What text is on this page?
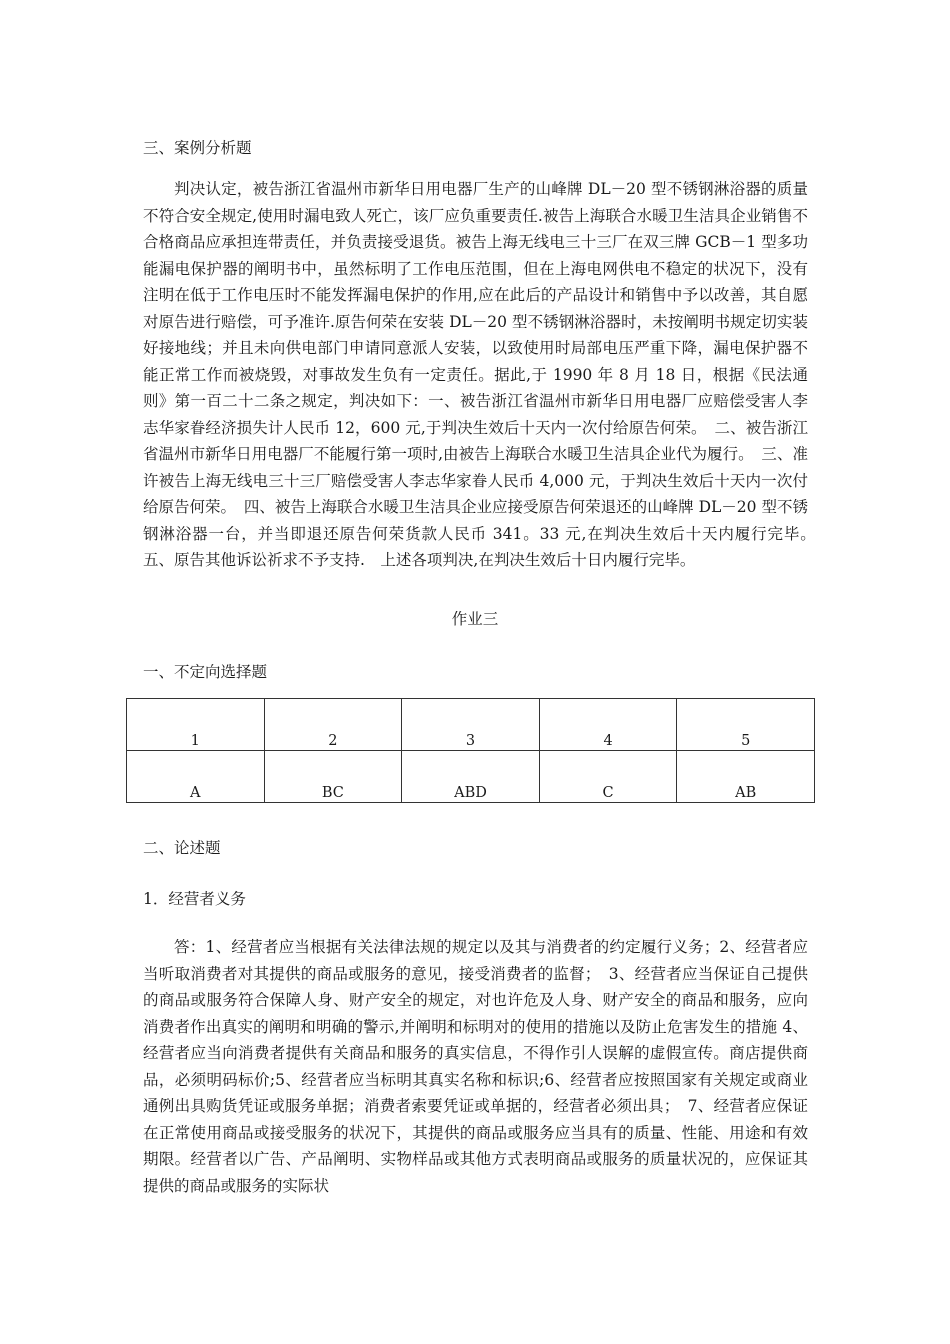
三、案例分析题

判决认定，被告浙江省温州市新华日用电器厂生产的山峰牌 DL－20 型不锈钢淋浴器的质量不符合安全规定,使用时漏电致人死亡，该厂应负重要责任.被告上海联合水暖卫生洁具企业销售不合格商品应承担连带责任，并负责接受退货。被告上海无线电三十三厂在双三牌 GCB－1 型多功能漏电保护器的阐明书中，虽然标明了工作电压范围，但在上海电网供电不稳定的状况下，没有注明在低于工作电压时不能发挥漏电保护的作用,应在此后的产品设计和销售中予以改善，其自愿对原告进行赔偿，可予准许.原告何荣在安装 DL－20 型不锈钢淋浴器时，未按阐明书规定切实装好接地线；并且未向供电部门申请同意派人安装，以致使用时局部电压严重下降，漏电保护器不能正常工作而被烧毁，对事故发生负有一定责任。据此,于 1990 年 8 月 18 日，根据《民法通则》第一百二十二条之规定，判决如下：一、被告浙江省温州市新华日用电器厂应赔偿受害人李志华家眷经济损失计人民币 12，600 元,于判决生效后十天内一次付给原告何荣。　二、被告浙江省温州市新华日用电器厂不能履行第一项时,由被告上海联合水暖卫生洁具企业代为履行。　三、准许被告上海无线电三十三厂赔偿受害人李志华家眷人民币 4,000 元，于判决生效后十天内一次付给原告何荣。　四、被告上海联合水暖卫生洁具企业应接受原告何荣退还的山峰牌 DL－20 型不锈钢淋浴器一台，并当即退还原告何荣货款人民币 341。33 元,在判决生效后十天内履行完毕。　五、原告其他诉讼祈求不予支持.　上述各项判决,在判决生效后十日内履行完毕。

作业三
一、不定向选择题
1	2	3	4	5
A	BC	ABD	C	AB
二、论述题
1．经营者义务

答：1、经营者应当根据有关法律法规的规定以及其与消费者的约定履行义务；2、经营者应当听取消费者对其提供的商品或服务的意见，接受消费者的监督；　3、经营者应当保证自己提供的商品或服务符合保障人身、财产安全的规定，对也许危及人身、财产安全的商品和服务，应向消费者作出真实的阐明和明确的警示,并阐明和标明对的使用的措施以及防止危害发生的措施 4、经营者应当向消费者提供有关商品和服务的真实信息，不得作引人误解的虚假宣传。商店提供商品，必须明码标价;5、经营者应当标明其真实名称和标识;6、经营者应按照国家有关规定或商业通例出具购货凭证或服务单据；消费者索要凭证或单据的，经营者必须出具；　7、经营者应保证在正常使用商品或接受服务的状况下，其提供的商品或服务应当具有的质量、性能、用途和有效期限。经营者以广告、产品阐明、实物样品或其他方式表明商品或服务的质量状况的，应保证其提供的商品或服务的实际状
